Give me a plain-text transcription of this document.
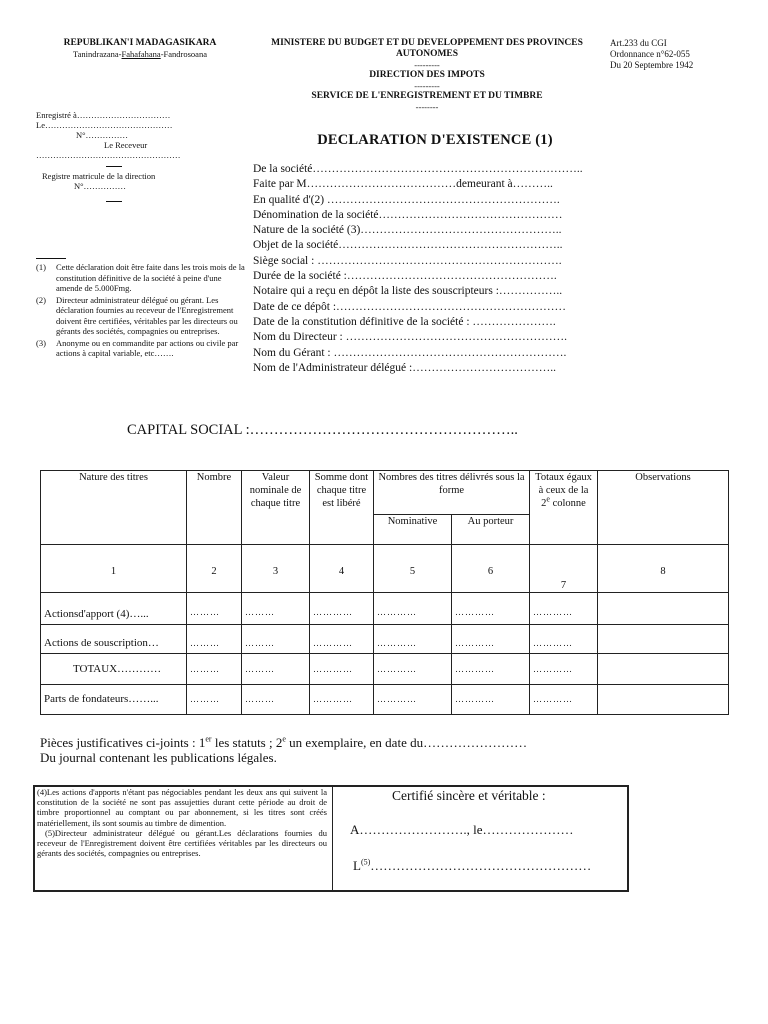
REPUBLIKAN'I MADAGASIKARA
Tanindrazana-Fahafahana-Fandrosoana
MINISTERE DU BUDGET ET DU DEVELOPPEMENT DES PROVINCES AUTONOMES
---------
DIRECTION DES IMPOTS
---------
SERVICE DE L'ENREGISTREMENT ET DU TIMBRE
--------
Art.233 du CGI
Ordonnance n°62-055
Du 20 Septembre 1942
Enregistré à……………………………
Le………………………………………
N°……………
Le Receveur
……………………………………………
Registre matricule de la direction
N°……………
(1)	Cette déclaration doit être faite dans les trois mois de la constitution définitive de la société à peine d'une amende de 5.000Fmg.
(2)	Directeur administrateur délégué ou gérant. Les déclaration fournies au receveur de l'Enregistrement doivent être certifiées, véritables par les directeurs ou gérants des sociétés, compagnies ou entreprises.
(3)	Anonyme ou en commandite par actions ou civile par actions à capital variable, etc…….
DECLARATION D'EXISTENCE (1)
De la société……………………………………………………………..
Faite par M…………………………………demeurant à………..
En qualité d'(2) …………………………………………………….
Dénomination de la société…………………………………………
Nature de la société (3)……………………………………………..
Objet de la société…………………………………………………..
Siège social : ……………………………………………………….
Durée de la société :……………………………………………….
Notaire qui a reçu en dépôt la liste des souscripteurs :……………..
Date de ce dépôt :……………………………………………………
Date de la constitution définitive de la société : ………………….
Nom du Directeur : ………………………………………………….
Nom du Gérant : …………………………………………………….
Nom de l'Administrateur délégué :………………………………..
CAPITAL SOCIAL :………………………………………………..
Nature des titres	Nombre	Valeur nominale de chaque titre	Somme dont chaque titre est libéré	Nombres des titres délivrés sous la forme		Totaux égaux à ceux de la 2e colonne	Observations
				Nominative	Au porteur		
1	2	3	4	5	6	7	8
Actionsd'apport (4)…...	………	………	…………	…………	…………	…………	
Actions de souscription…	………	………	…………	…………	…………	…………	
TOTAUX…………	………	………	…………	…………	…………	…………	
Parts de fondateurs……...	………	………	…………	…………	…………	…………	
Pièces justificatives ci-joints : 1er les statuts ; 2e un exemplaire, en date du……………………
Du journal contenant les publications légales.
(4)Les actions d'apports n'étant pas négociables pendant les deux ans qui suivent la constitution de la société ne sont pas assujetties durant cette période au droit de timbre proportionnel au comptant ou par abonnement, si les titres sont créés matériellement, ils sont soumis au timbre de dimention.
(5)Directeur administrateur délégué ou gérant.Les déclarations fournies du receveur de l'Enregistrement doivent être certifiées véritables par les directeurs ou gérants des sociétés, compagnies ou entreprises.
Certifié sincère et véritable :
A……………………., le…………………
$L^{(5)}\dots\dots\dots\dots\dots\dots\dots\dots\dots\dots\dots\dots\dots\dots\dots\dots\dots$
